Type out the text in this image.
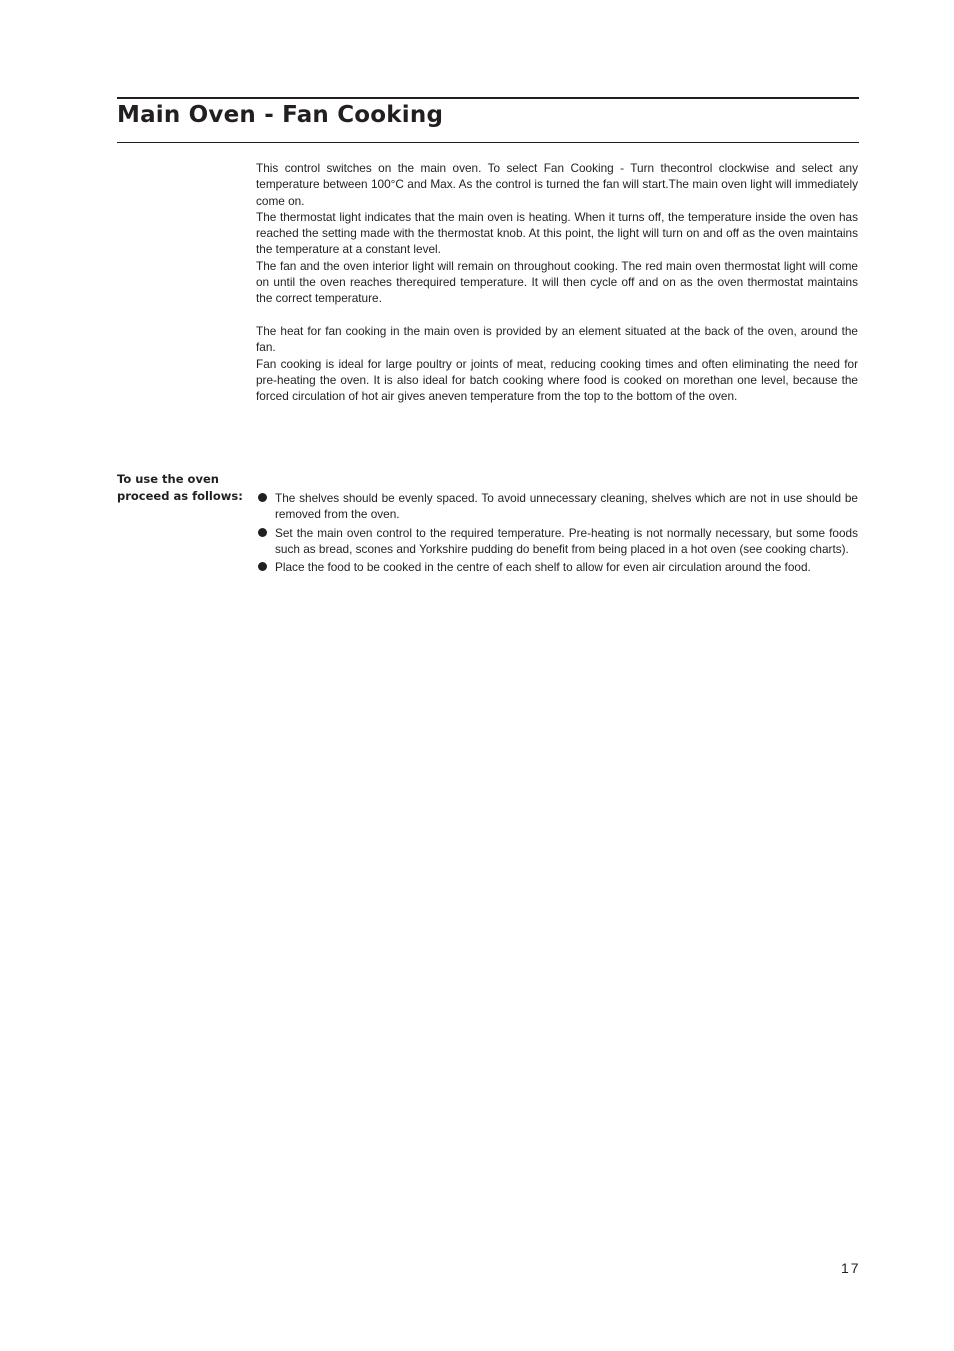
Main Oven - Fan Cooking

This control switches on the main oven. To select Fan Cooking - Turn thecontrol clockwise and select any temperature between 100°C and Max. As the control is turned the fan will start.The main oven light will immediately come on.

The thermostat light indicates that the main oven is heating. When it turns off, the temperature inside the oven has reached the setting made with the thermostat knob. At this point, the light will turn on and off as the oven maintains the temperature at a constant level.

The fan and the oven interior light will remain on throughout cooking. The red main oven thermostat light will come on until the oven reaches therequired temperature. It will then cycle off and on as the oven thermostat maintains the correct temperature.

The heat for fan cooking in the main oven is provided by an element situated at the back of the oven, around the fan.

Fan cooking is ideal for large poultry or joints of meat, reducing cooking times and often eliminating the need for pre-heating the oven. It is also ideal for batch cooking where food is cooked on morethan one level, because the forced circulation of hot air gives aneven temperature from the top to the bottom of the oven.

To use the oven
proceed as follows:	The shelves should be evenly spaced. To avoid unnecessary cleaning, shelves which are not in use should be removed from the oven.
Set the main oven control to the required temperature. Pre-heating is not normally necessary, but some foods such as bread, scones and Yorkshire pudding do benefit from being placed in a hot oven (see cooking charts).
Place the food to be cooked in the centre of each shelf to allow for even air circulation around the food.
17
